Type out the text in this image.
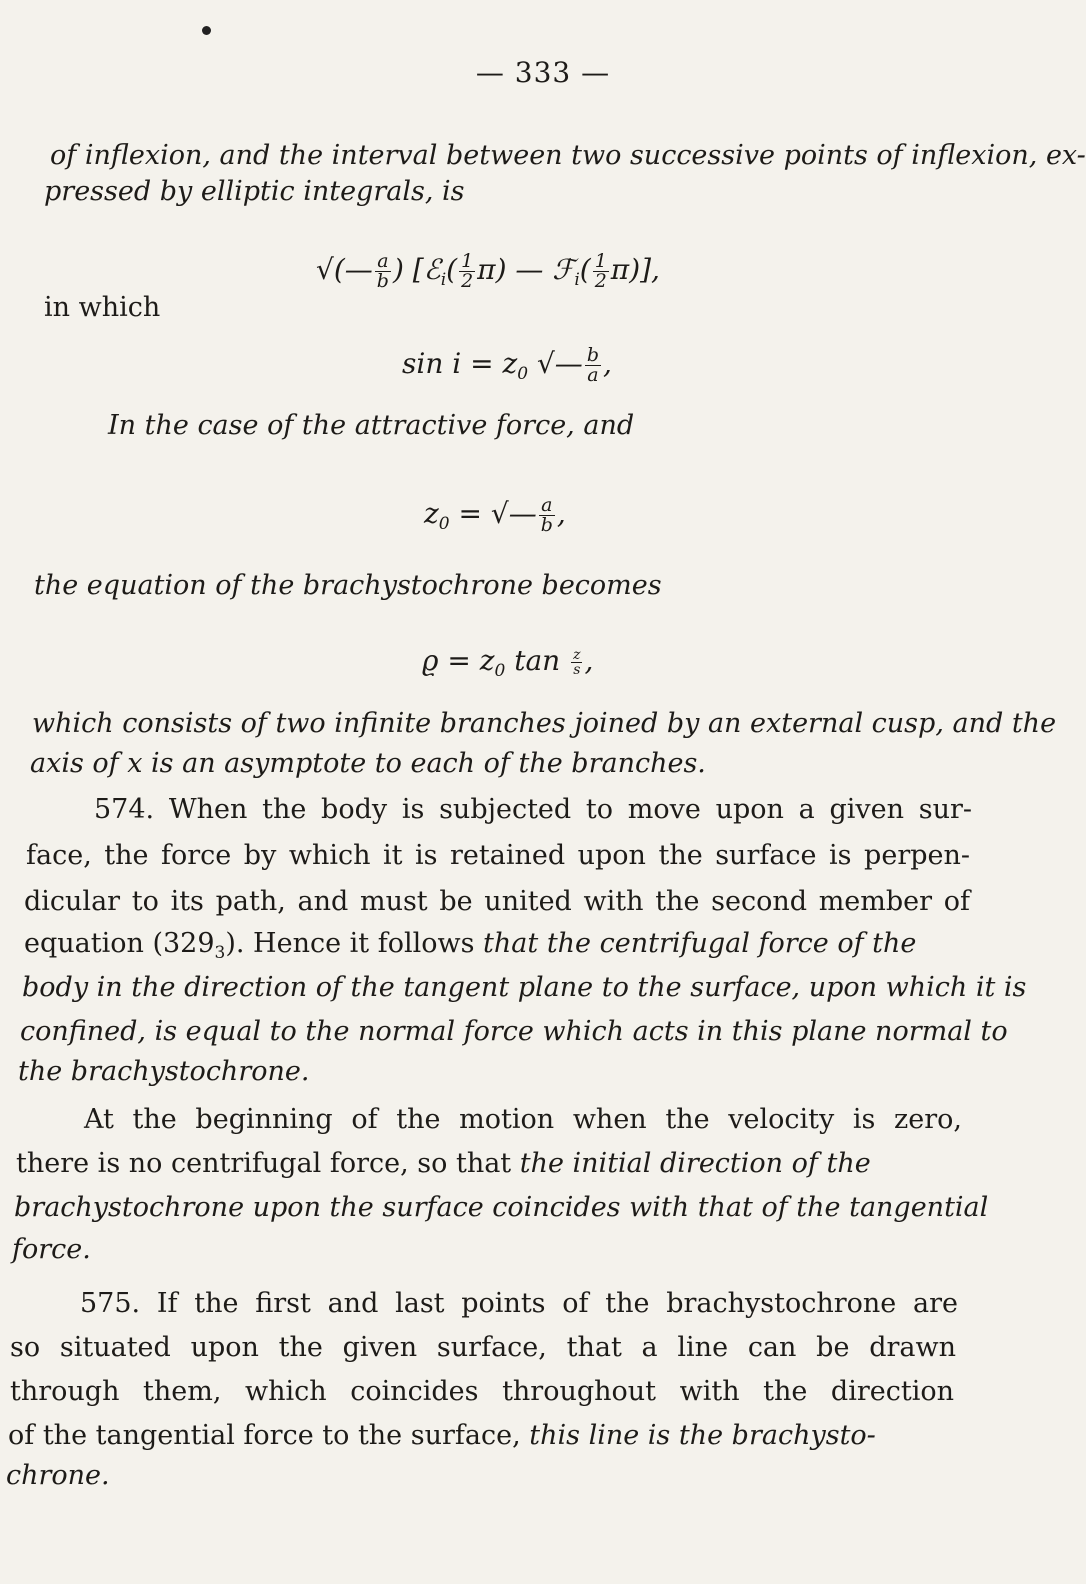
— 333 —
of inflexion, and the interval between two successive points of inflexion, ex-
pressed by elliptic integrals, is
√(— $\frac{a}{b}$ ) [ℰ$_i$( $\frac{1}{2} \pi$) — ℱ$_i$( $\frac{1}{2} \pi$)],
in which
$\sin i = z_0$ √— $\frac{b}{a}$ ,
In the case of the attractive force, and
$z_0$ = √— $\frac{a}{b}$ ,
the equation of the brachystochrone becomes
$ϱ = z_0$ $\tan \frac{z}{s}$ ,
which consists of two infinite branches joined by an external cusp, and the
axis of x is an asymptote to each of the branches.
574. When the body is subjected to move upon a given sur-
face, the force by which it is retained upon the surface is perpen-
dicular to its path, and must be united with the second member of
equation $(329_3)$. Hence it follows that the centrifugal force of the
body in the direction of the tangent plane to the surface, upon which it is
confined, is equal to the normal force which acts in this plane normal to
the brachystochrone.
At the beginning of the motion when the velocity is zero,
there is no centrifugal force, so that the initial direction of the
brachystochrone upon the surface coincides with that of the tangential
force.
575. If the first and last points of the brachystochrone are
so situated upon the given surface, that a line can be drawn
through them, which coincides throughout with the direction
of the tangential force to the surface, this line is the brachysto-
chrone.
